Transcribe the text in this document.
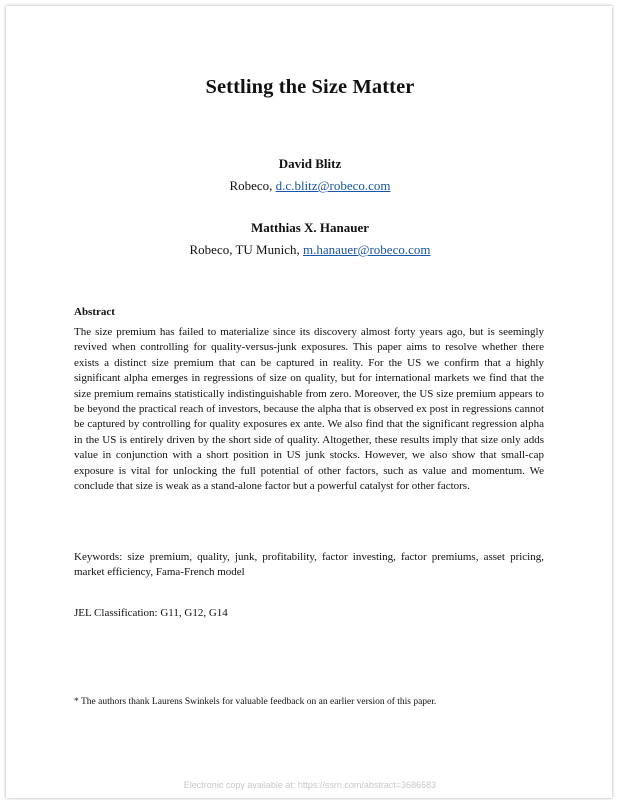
Settling the Size Matter
David Blitz
Robeco, d.c.blitz@robeco.com
Matthias X. Hanauer
Robeco, TU Munich, m.hanauer@robeco.com
Abstract

The size premium has failed to materialize since its discovery almost forty years ago, but is seemingly revived when controlling for quality-versus-junk exposures. This paper aims to resolve whether there exists a distinct size premium that can be captured in reality. For the US we confirm that a highly significant alpha emerges in regressions of size on quality, but for international markets we find that the size premium remains statistically indistinguishable from zero. Moreover, the US size premium appears to be beyond the practical reach of investors, because the alpha that is observed ex post in regressions cannot be captured by controlling for quality exposures ex ante. We also find that the significant regression alpha in the US is entirely driven by the short side of quality. Altogether, these results imply that size only adds value in conjunction with a short position in US junk stocks. However, we also show that small-cap exposure is vital for unlocking the full potential of other factors, such as value and momentum. We conclude that size is weak as a stand-alone factor but a powerful catalyst for other factors.

Keywords: size premium, quality, junk, profitability, factor investing, factor premiums, asset pricing, market efficiency, Fama-French model

JEL Classification: G11, G12, G14
* The authors thank Laurens Swinkels for valuable feedback on an earlier version of this paper.
Electronic copy available at: https://ssrn.com/abstract=3686583
